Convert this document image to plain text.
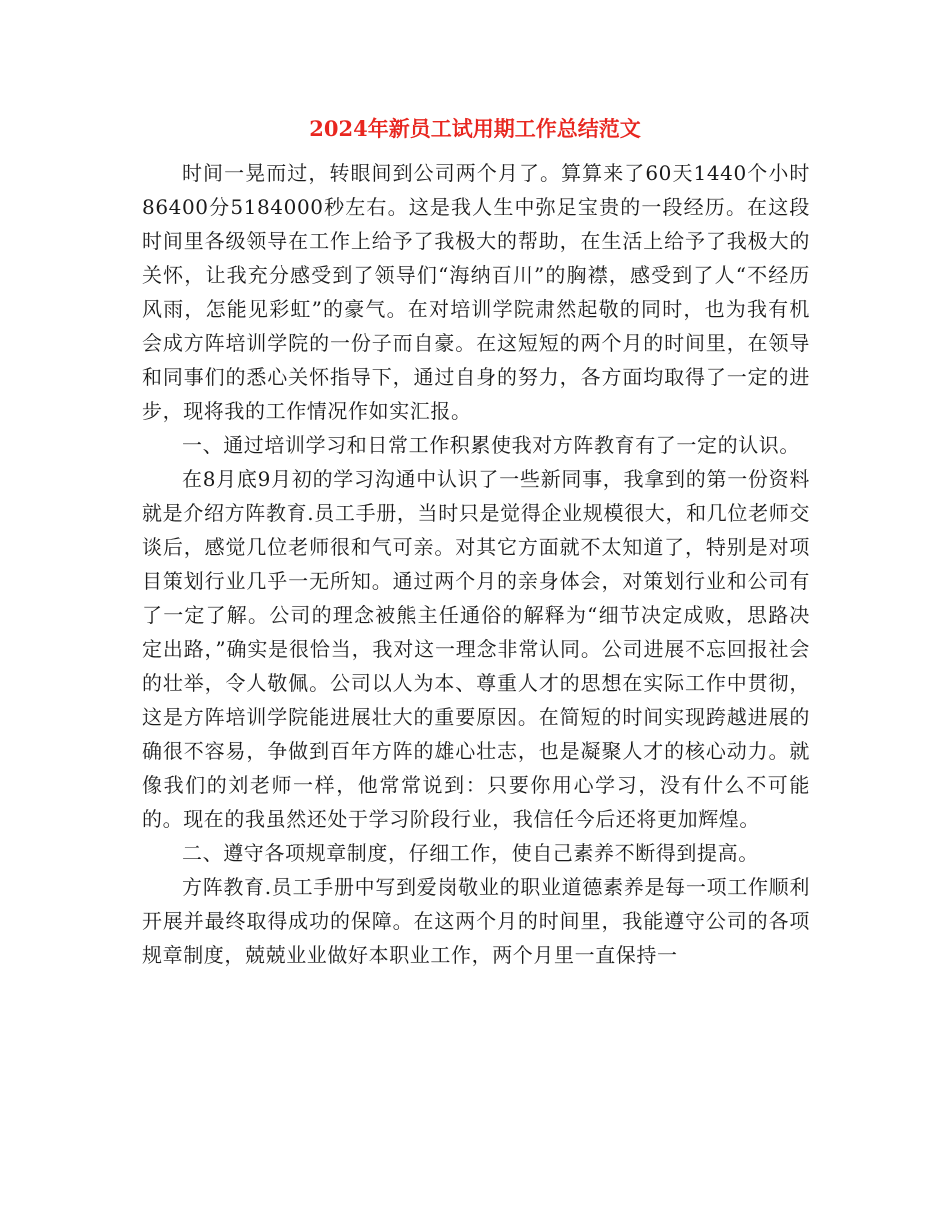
2024年新员工试用期工作总结范文

时间一晃而过，转眼间到公司两个月了。算算来了60天1440个小时86400分5184000秒左右。这是我人生中弥足宝贵的一段经历。在这段时间里各级领导在工作上给予了我极大的帮助，在生活上给予了我极大的关怀，让我充分感受到了领导们“海纳百川”的胸襟，感受到了人“不经历风雨，怎能见彩虹”的豪气。在对培训学院肃然起敬的同时，也为我有机会成方阵培训学院的一份子而自豪。在这短短的两个月的时间里，在领导和同事们的悉心关怀指导下，通过自身的努力，各方面均取得了一定的进步，现将我的工作情况作如实汇报。

一、通过培训学习和日常工作积累使我对方阵教育有了一定的认识。

在8月底9月初的学习沟通中认识了一些新同事，我拿到的第一份资料就是介绍方阵教育.员工手册，当时只是觉得企业规模很大，和几位老师交谈后，感觉几位老师很和气可亲。对其它方面就不太知道了，特别是对项目策划行业几乎一无所知。通过两个月的亲身体会，对策划行业和公司有了一定了解。公司的理念被熊主任通俗的解释为“细节决定成败，思路决定出路，”确实是很恰当，我对这一理念非常认同。公司进展不忘回报社会的壮举，令人敬佩。公司以人为本、尊重人才的思想在实际工作中贯彻，这是方阵培训学院能进展壮大的重要原因。在简短的时间实现跨越进展的确很不容易，争做到百年方阵的雄心壮志，也是凝聚人才的核心动力。就像我们的刘老师一样，他常常说到：只要你用心学习，没有什么不可能的。现在的我虽然还处于学习阶段行业，我信任今后还将更加辉煌。

二、遵守各项规章制度，仔细工作，使自己素养不断得到提高。

方阵教育.员工手册中写到爱岗敬业的职业道德素养是每一项工作顺利开展并最终取得成功的保障。在这两个月的时间里，我能遵守公司的各项规章制度，兢兢业业做好本职业工作，两个月里一直保持一
